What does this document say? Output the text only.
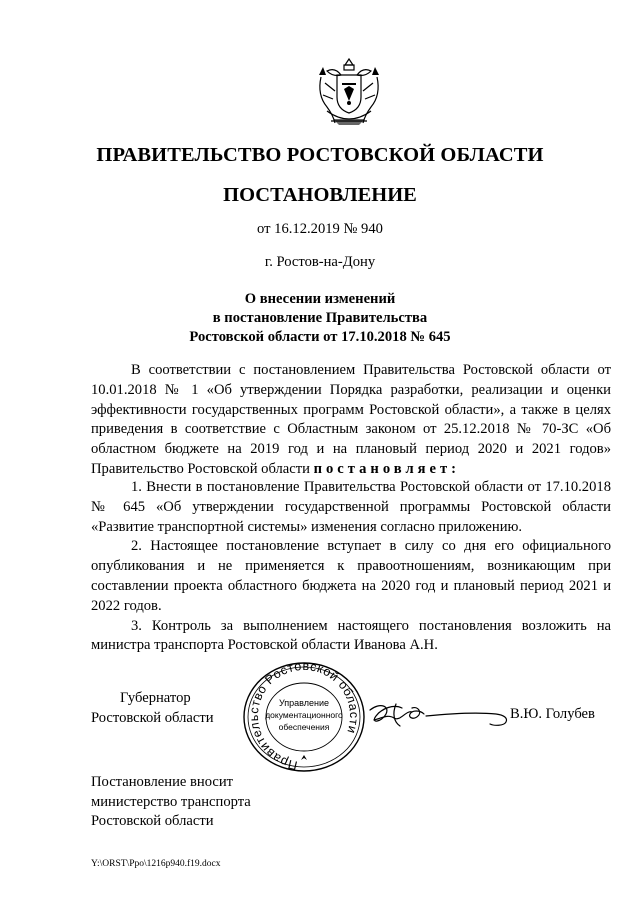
ПРАВИТЕЛЬСТВО РОСТОВСКОЙ ОБЛАСТИ
ПОСТАНОВЛЕНИЕ
от 16.12.2019 № 940
г. Ростов-на-Дону
О внесении изменений
в постановление Правительства
Ростовской области от 17.10.2018 № 645
В соответствии с постановлением Правительства Ростовской области от 10.01.2018 № 1 «Об утверждении Порядка разработки, реализации и оценки эффективности государственных программ Ростовской области», а также в целях приведения в соответствие с Областным законом от 25.12.2018 № 70-ЗС «Об областном бюджете на 2019 год и на плановый период 2020 и 2021 годов» Правительство Ростовской области постановляет:
1. Внести в постановление Правительства Ростовской области от 17.10.2018 № 645 «Об утверждении государственной программы Ростовской области «Развитие транспортной системы» изменения согласно приложению.
2. Настоящее постановление вступает в силу со дня его официального опубликования и не применяется к правоотношениям, возникающим при составлении проекта областного бюджета на 2020 год и плановый период 2021 и 2022 годов.
3. Контроль за выполнением настоящего постановления возложить на министра транспорта Ростовской области Иванова А.Н.
Губернатор
Ростовской области
Правительство Ростовской области
Управление
документационного
обеспечения
В.Ю. Голубев
Постановление вносит
министерство транспорта
Ростовской области
Y:\ORST\Ppo\1216p940.f19.docx
